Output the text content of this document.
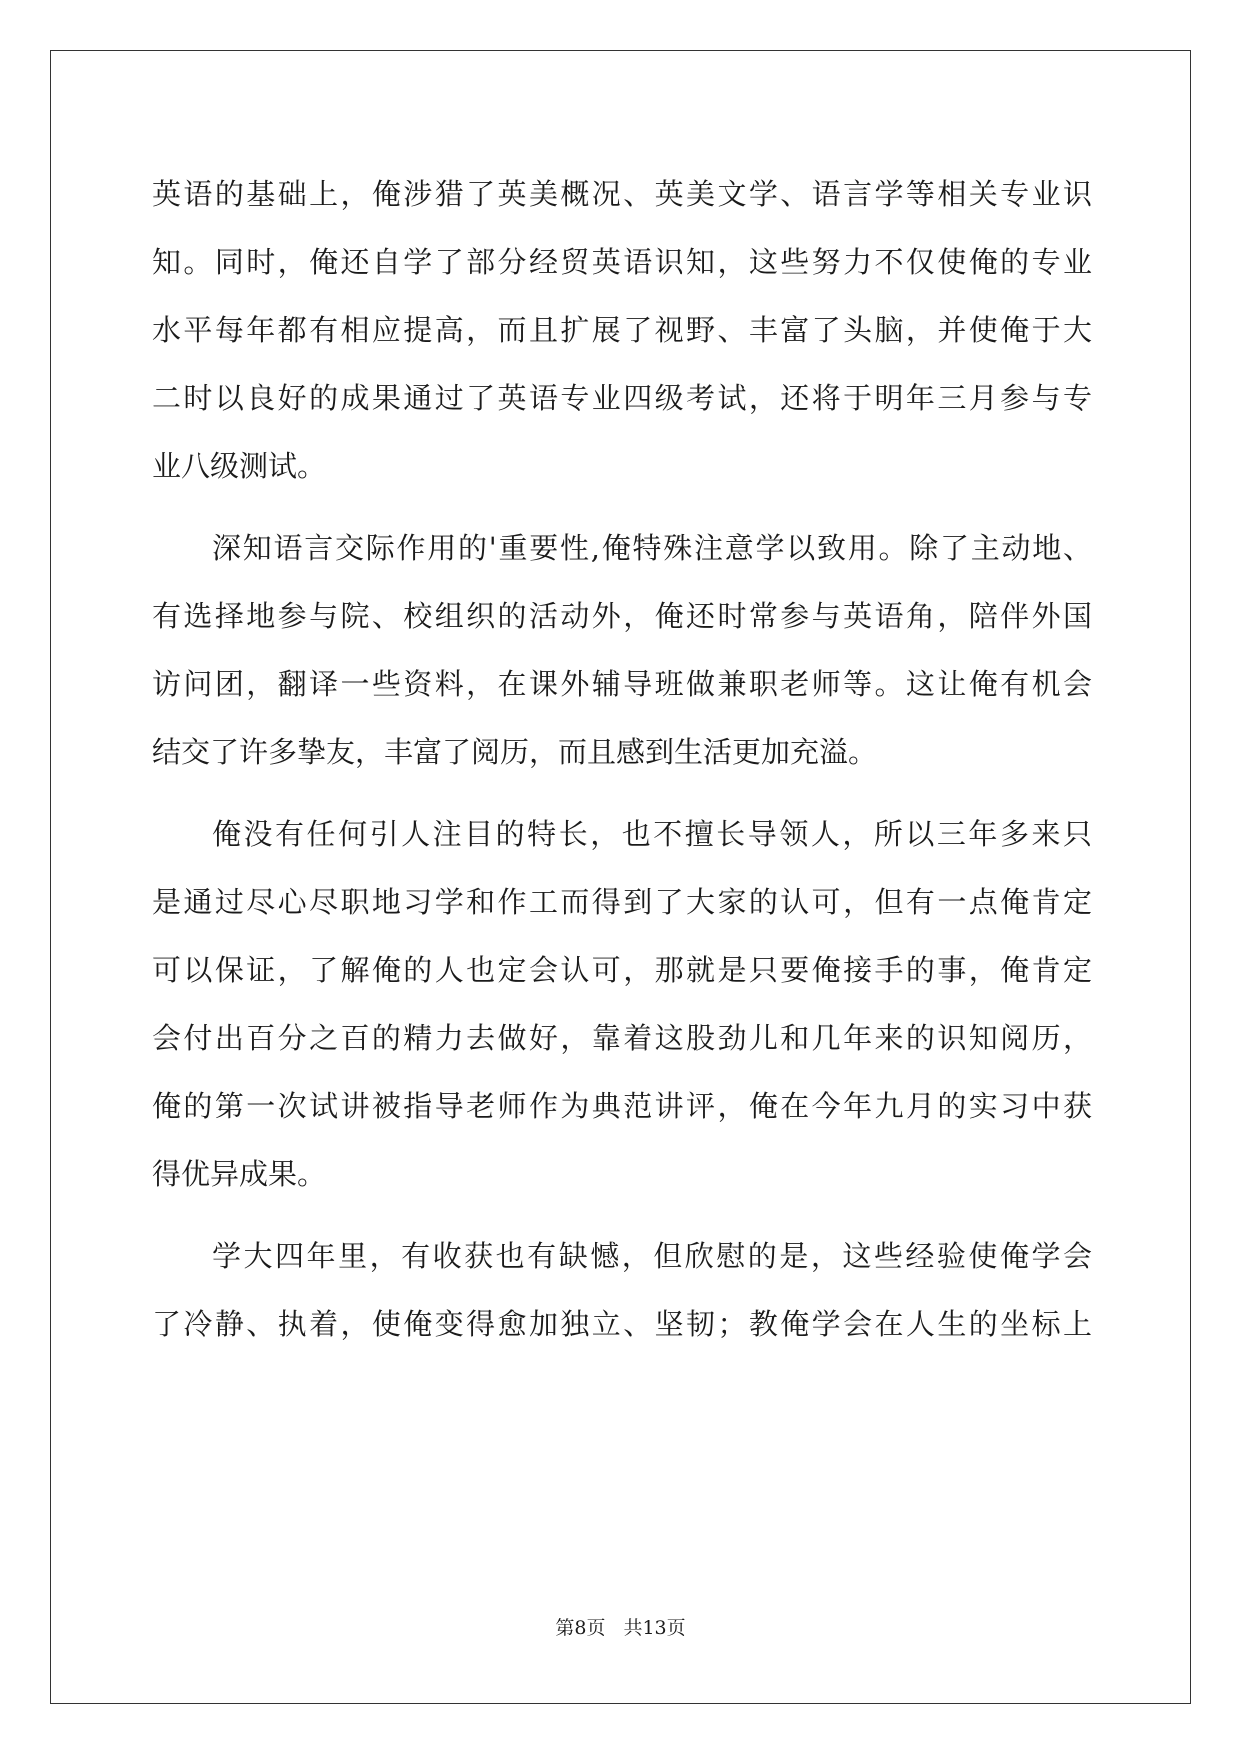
英语的基础上，俺涉猎了英美概况、英美文学、语言学等相关专业识
知。同时，俺还自学了部分经贸英语识知，这些努力不仅使俺的专业
水平每年都有相应提高，而且扩展了视野、丰富了头脑，并使俺于大
二时以良好的成果通过了英语专业四级考试，还将于明年三月参与专
业八级测试。
深知语言交际作用的'重要性,俺特殊注意学以致用。除了主动地、
有选择地参与院、校组织的活动外，俺还时常参与英语角，陪伴外国
访问团，翻译一些资料，在课外辅导班做兼职老师等。这让俺有机会
结交了许多挚友，丰富了阅历，而且感到生活更加充溢。
俺没有任何引人注目的特长，也不擅长导领人，所以三年多来只
是通过尽心尽职地习学和作工而得到了大家的认可，但有一点俺肯定
可以保证，了解俺的人也定会认可，那就是只要俺接手的事，俺肯定
会付出百分之百的精力去做好，靠着这股劲儿和几年来的识知阅历，
俺的第一次试讲被指导老师作为典范讲评，俺在今年九月的实习中获
得优异成果。
学大四年里，有收获也有缺憾，但欣慰的是，这些经验使俺学会
了冷静、执着，使俺变得愈加独立、坚韧；教俺学会在人生的坐标上
第8页 共13页
